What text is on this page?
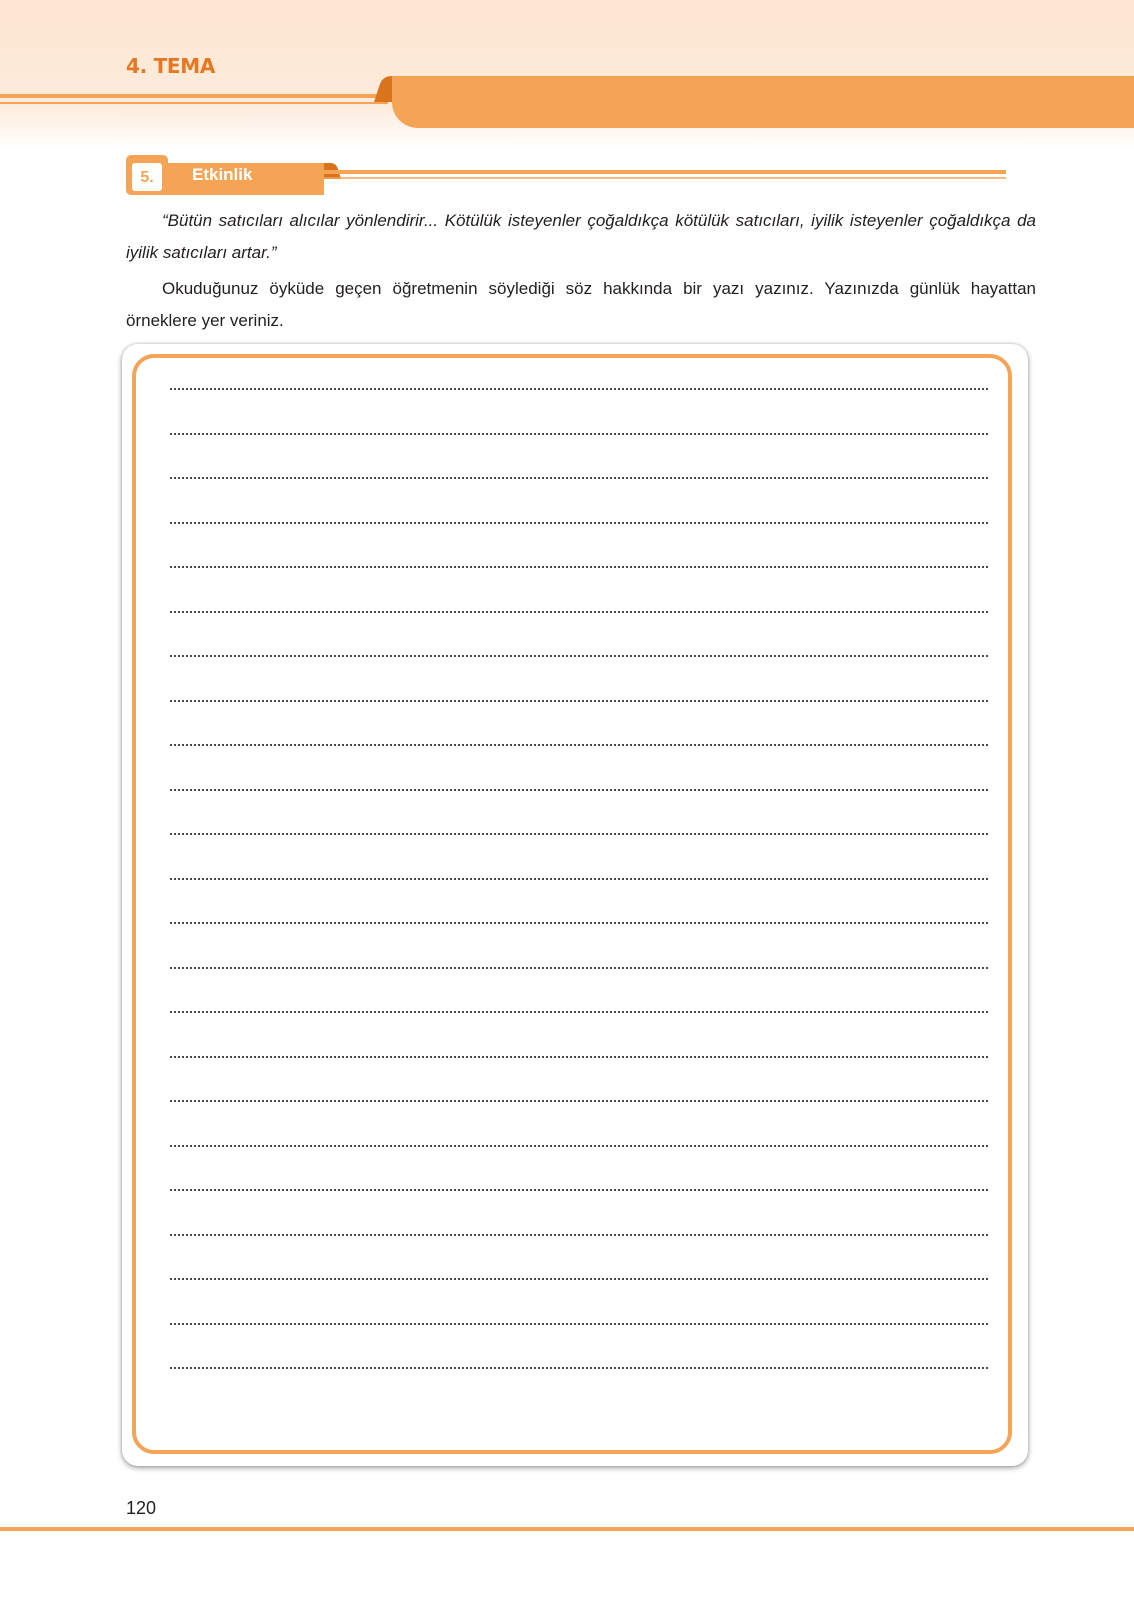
4. TEMA
ERDEMLER
5.	Etkinlik

“Bütün satıcıları alıcılar yönlendirir... Kötülük isteyenler çoğaldıkça kötülük satıcıları, iyilik isteyenler çoğaldıkça da iyilik satıcıları artar.”

Okuduğunuz öyküde geçen öğretmenin söylediği söz hakkında bir yazı yazınız. Yazınızda günlük hayattan örneklere yer veriniz.

120
